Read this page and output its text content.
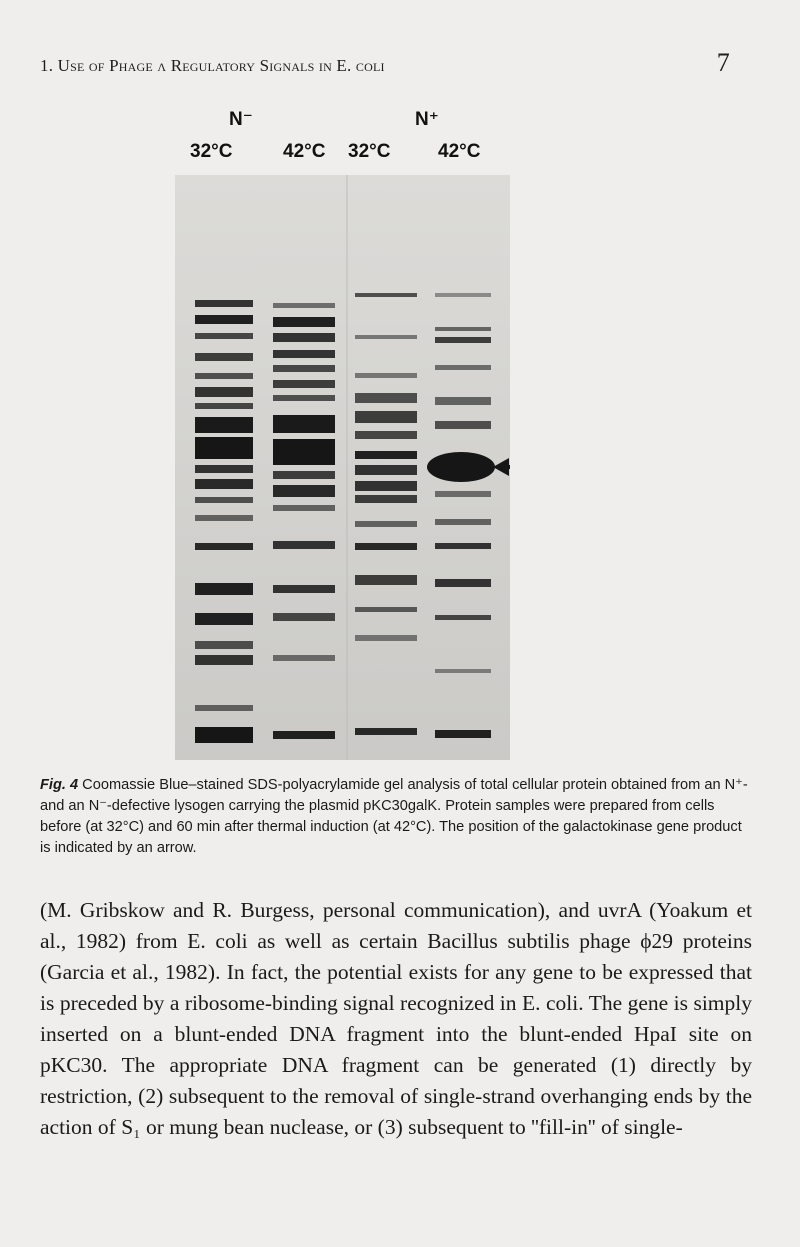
1. Use of Phage λ Regulatory Signals in E. coli	7
N⁻	N⁺
32°C	42°C 32°C	42°C
Fig. 4 Coomassie Blue–stained SDS-polyacrylamide gel analysis of total cellular protein obtained from an N⁺- and an N⁻-defective lysogen carrying the plasmid pKC30galK. Protein samples were prepared from cells before (at 32°C) and 60 min after thermal induction (at 42°C). The position of the galactokinase gene product is indicated by an arrow.
(M. Gribskow and R. Burgess, personal communication), and uvrA (Yoakum et al., 1982) from E. coli as well as certain Bacillus subtilis phage ϕ29 proteins (Garcia et al., 1982). In fact, the potential exists for any gene to be expressed that is preceded by a ribosome-binding signal recognized in E. coli. The gene is simply inserted on a blunt-ended DNA fragment into the blunt-ended HpaI site on pKC30. The appropriate DNA fragment can be generated (1) directly by restriction, (2) subsequent to the removal of single-strand overhanging ends by the action of S₁ or mung bean nuclease, or (3) subsequent to ''fill-in'' of single-
